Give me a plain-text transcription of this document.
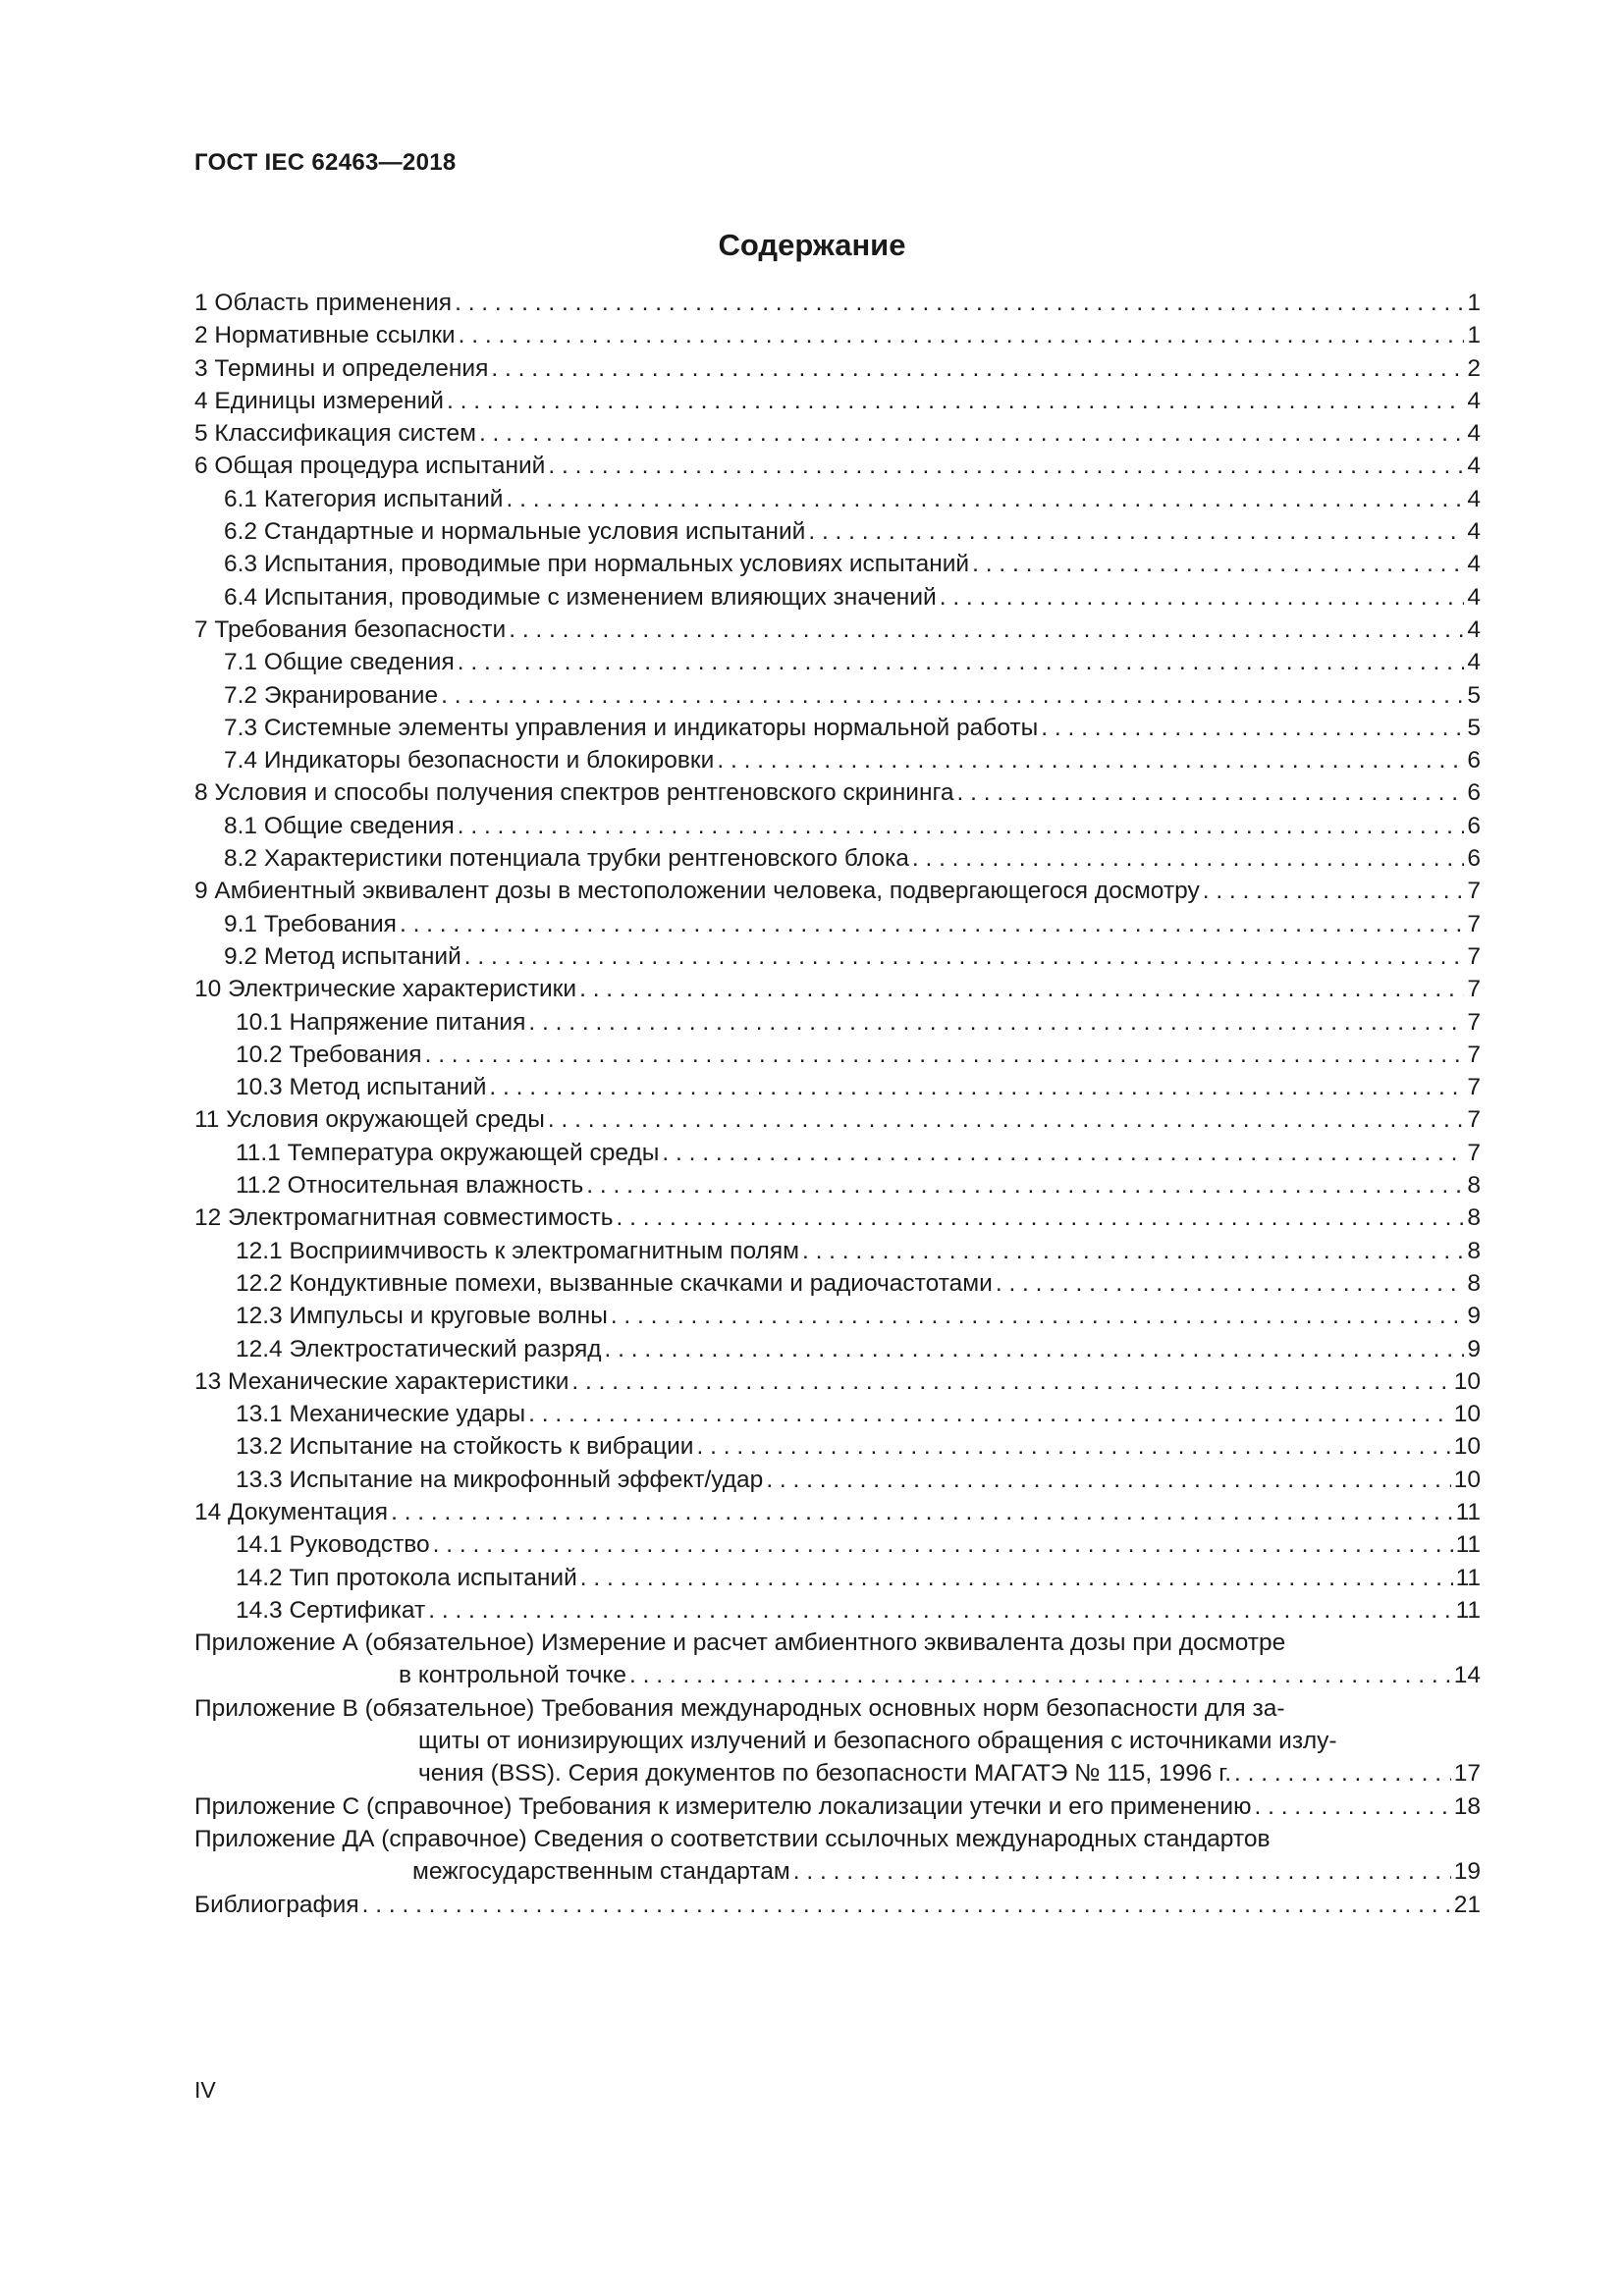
ГОСТ IEC 62463—2018
Содержание
1 Область применения . . .	1
2 Нормативные ссылки . . .	1
3 Термины и определения . . .	2
4 Единицы измерений . . .	4
5 Классификация систем . . .	4
6 Общая процедура испытаний . . .	4
6.1 Категория испытаний . . .	4
6.2 Стандартные и нормальные условия испытаний . . .	4
6.3 Испытания, проводимые при нормальных условиях испытаний . . .	4
6.4 Испытания, проводимые с изменением влияющих значений . . .	4
7 Требования безопасности . . .	4
7.1 Общие сведения . . .	4
7.2 Экранирование . . .	5
7.3 Системные элементы управления и индикаторы нормальной работы . . .	5
7.4 Индикаторы безопасности и блокировки . . .	6
8 Условия и способы получения спектров рентгеновского скрининга . . .	6
8.1 Общие сведения . . .	6
8.2 Характеристики потенциала трубки рентгеновского блока . . .	6
9 Амбиентный эквивалент дозы в местоположении человека, подвергающегося досмотру . . .	7
9.1 Требования . . .	7
9.2 Метод испытаний . . .	7
10 Электрические характеристики . . .	7
10.1 Напряжение питания . . .	7
10.2 Требования . . .	7
10.3 Метод испытаний . . .	7
11 Условия окружающей среды . . .	7
11.1 Температура окружающей среды . . .	7
11.2 Относительная влажность . . .	8
12 Электромагнитная совместимость . . .	8
12.1 Восприимчивость к электромагнитным полям . . .	8
12.2 Кондуктивные помехи, вызванные скачками и радиочастотами . . .	8
12.3 Импульсы и круговые волны . . .	9
12.4 Электростатический разряд . . .	9
13 Механические характеристики . . .	10
13.1 Механические удары . . .	10
13.2 Испытание на стойкость к вибрации . . .	10
13.3 Испытание на микрофонный эффект/удар . . .	10
14 Документация . . .	11
14.1 Руководство . . .	11
14.2 Тип протокола испытаний . . .	11
14.3 Сертификат . . .	11
Приложение А (обязательное) Измерение и расчет амбиентного эквивалента дозы при досмотре
в контрольной точке . . .	14
Приложение В (обязательное) Требования международных основных норм безопасности для за-
щиты от ионизирующих излучений и безопасного обращения с источниками излу-
чения (BSS). Серия документов по безопасности МАГАТЭ № 115, 1996 г. . . .	17
Приложение С (справочное) Требования к измерителю локализации утечки и его применению . . .	18
Приложение ДА (справочное) Сведения о соответствии ссылочных международных стандартов
межгосударственным стандартам . . .	19
Библиография . . .	21
IV
